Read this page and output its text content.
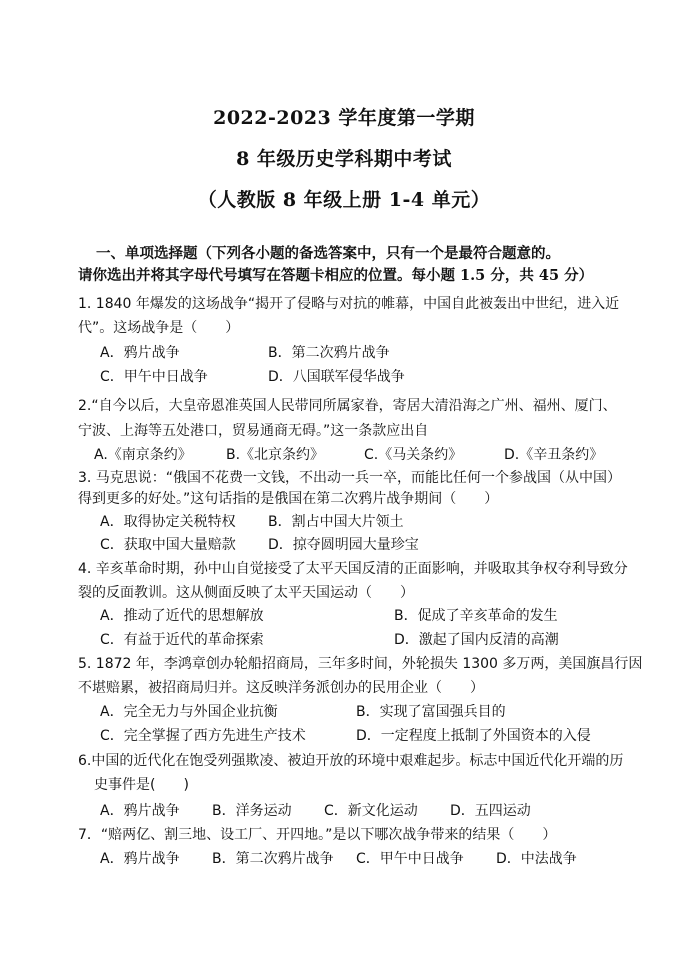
2022-2023 学年度第一学期
8 年级历史学科期中考试
（人教版 8 年级上册 1-4 单元）
一、单项选择题（下列各小题的备选答案中，只有一个是最符合题意的。
请你选出并将其字母代号填写在答题卡相应的位置。每小题 1.5 分，共 45 分）
1. 1840 年爆发的这场战争“揭开了侵略与对抗的帷幕，中国自此被轰出中世纪，进入近
代”。这场战争是（　　）
A．鸦片战争	B．第二次鸦片战争
C．甲午中日战争	D．八国联军侵华战争
2.“自今以后，大皇帝恩准英国人民带同所属家眷，寄居大清沿海之广州、福州、厦门、
宁波、上海等五处港口，贸易通商无碍。”这一条款应出自
A.《南京条约》 B.《北京条约》	C.《马关条约》	D.《辛丑条约》
3. 马克思说：“俄国不花费一文钱，不出动一兵一卒，而能比任何一个参战国（从中国）
得到更多的好处。”这句话指的是俄国在第二次鸦片战争期间（　　）
A．取得协定关税特权 B．割占中国大片领土
C．获取中国大量赔款 D．掠夺圆明园大量珍宝
4. 辛亥革命时期，孙中山自觉接受了太平天国反清的正面影响，并吸取其争权夺利导致分
裂的反面教训。这从侧面反映了太平天国运动（　　）
A．推动了近代的思想解放	B．促成了辛亥革命的发生
C．有益于近代的革命探索	D．激起了国内反清的高潮
5. 1872 年，李鸿章创办轮船招商局，三年多时间，外轮损失 1300 多万两，美国旗昌行因
不堪赔累，被招商局归并。这反映洋务派创办的民用企业（　　）
A．完全无力与外国企业抗衡	B．实现了富国强兵目的
C．完全掌握了西方先进生产技术	D．一定程度上抵制了外国资本的入侵
6.中国的近代化在饱受列强欺凌、被迫开放的环境中艰难起步。标志中国近代化开端的历
史事件是(　　)
A．鸦片战争 B．洋务运动 C．新文化运动 D．五四运动
7．“赔两亿、割三地、设工厂、开四地。”是以下哪次战争带来的结果（　　）
A．鸦片战争 B．第二次鸦片战争 C．甲午中日战争 D．中法战争
